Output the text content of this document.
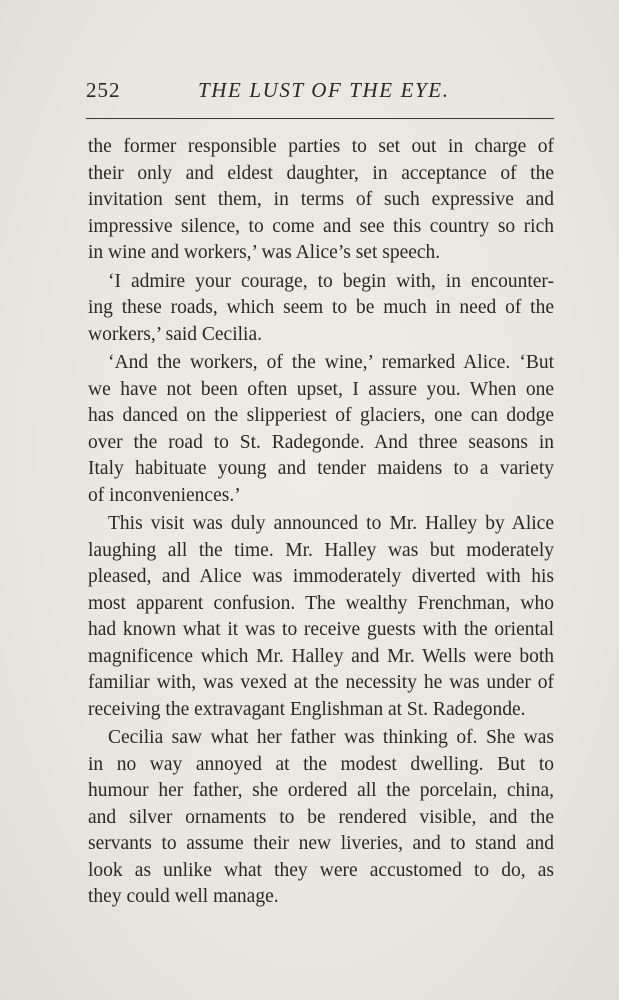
252	THE LUST OF THE EYE.
the former responsible parties to set out in charge of
their only and eldest daughter, in acceptance of the
invitation sent them, in terms of such expressive and
impressive silence, to come and see this country so rich
in wine and workers,’ was Alice’s set speech.
‘I admire your courage, to begin with, in encounter-
ing these roads, which seem to be much in need of the
workers,’ said Cecilia.
‘And the workers, of the wine,’ remarked Alice. ‘But
we have not been often upset, I assure you. When one
has danced on the slipperiest of glaciers, one can dodge
over the road to St. Radegonde. And three seasons in
Italy habituate young and tender maidens to a variety
of inconveniences.’
This visit was duly announced to Mr. Halley by Alice
laughing all the time. Mr. Halley was but moderately
pleased, and Alice was immoderately diverted with his
most apparent confusion. The wealthy Frenchman, who
had known what it was to receive guests with the oriental
magnificence which Mr. Halley and Mr. Wells were both
familiar with, was vexed at the necessity he was under of
receiving the extravagant Englishman at St. Radegonde.
Cecilia saw what her father was thinking of. She was
in no way annoyed at the modest dwelling. But to
humour her father, she ordered all the porcelain, china,
and silver ornaments to be rendered visible, and the
servants to assume their new liveries, and to stand and
look as unlike what they were accustomed to do, as
they could well manage.
